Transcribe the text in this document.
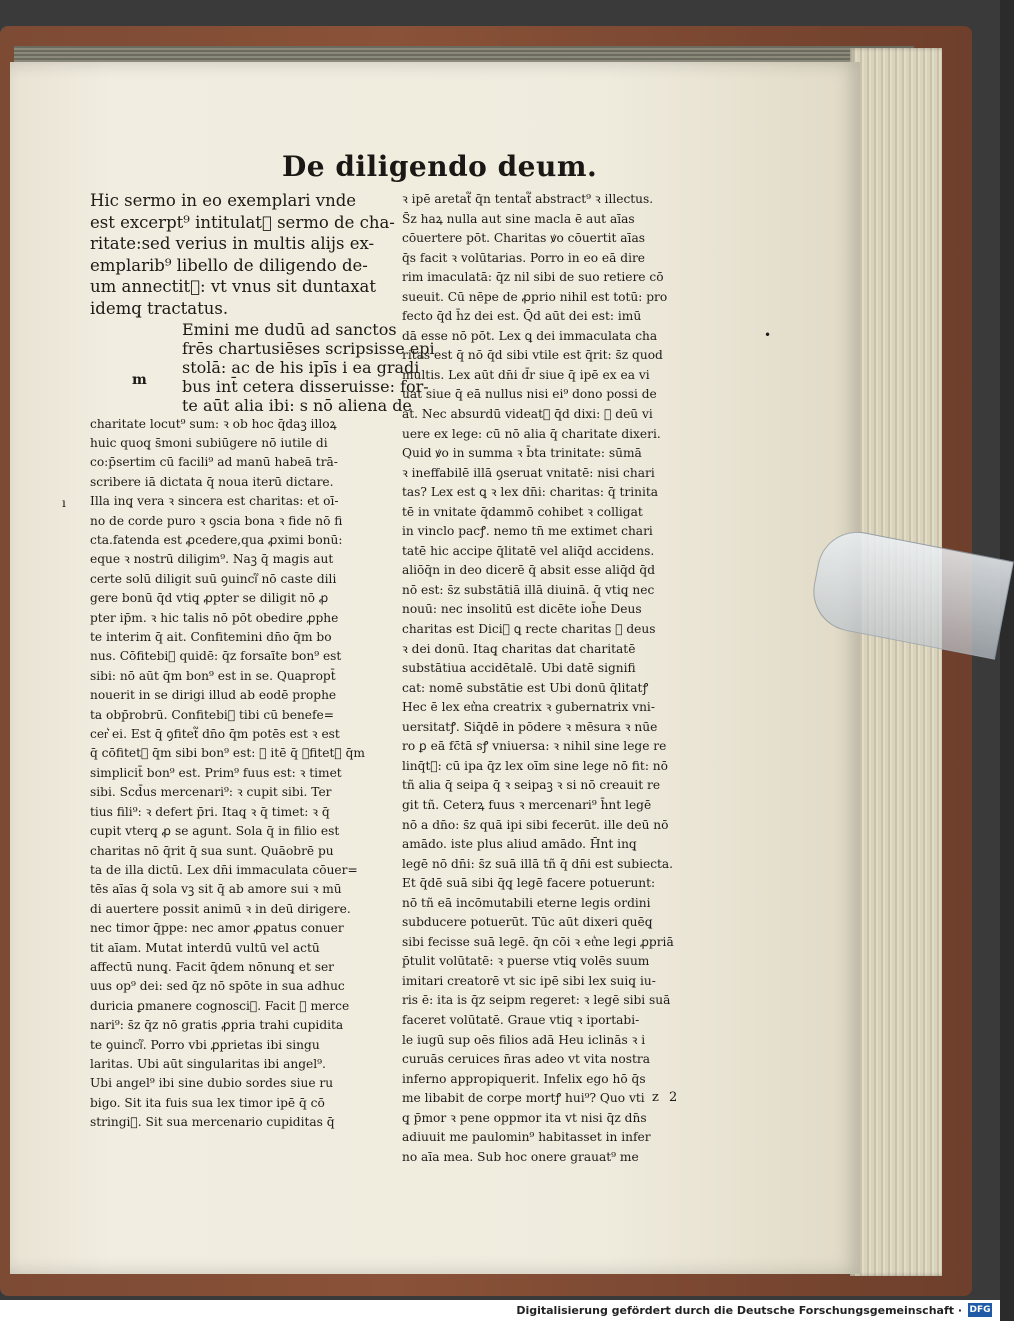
De diligendo deum.
Hic sermo in eo exemplari vnde
est excerpt⁹ intitulat᷑ sermo de cha-
ritate:sed verius in multis alijs ex-
emplarib⁹ libello de diligendo de-
um annectit᷑: vt vnus sit duntaxat
idemq̧ tractatus.
Emini me dudū ad sanctos
frēs chartusiēses scripsisse epi
stolā: ac de his ipīs i ea gradi
bus int̄ cetera disseruisse: for-
te aūt alia ibi: s nō aliena de
charitate locut⁹ sum: ꝛ ob hoc q̄daꝫ illoꝝ
huic quoq̧ s̄moni subiūgere nō iutile di
co:p̄sertim cū facili⁹ ad manū habeā trā-
scribere iā dictata q̄ noua iterū dictare.
Illa inq̧ vera ꝛ sincera est charitas: et oī-
no de corde puro ꝛ ꝯscia bona ꝛ fide nō fi
cta.fatenda est ꝓcedere,qua ꝓximi bonū:
eque ꝛ nostrū diligim⁹. Naꝫ q̄ magis aut
certe solū diligit suū ꝯuinci᷑ nō caste dili
gere bonū q̄d vtiq̧ ꝓpter se diligit nō ꝓ
pter ip̄m. ꝛ hic talis nō pōt obedire ꝓphe
te interim q̄ ait. Confitemini dn̄o q̄m bo
nus. Cōfitebi᷑ quidē: q̄z forsaīte bon⁹ est
sibi: nō aūt q̄m bon⁹ est in se. Quapropt̄
nouerit in se dirigi illud ab eodē prophe
ta obp̄robrū. Confitebi᷑ tibi cū benefe=
cer͛ ei. Est q̄ ꝯfitet᷑ dn̄o q̄m potēs est ꝛ est
q̄ cōfitet᷑ q̄m sibi bon⁹ est: ꝛ itē q̄ ꝯfitet᷑ q̄m
simplicit̄ bon⁹ est. Prim⁹ fuus est: ꝛ timet
sibi. Scd̄us mercenari⁹: ꝛ cupit sibi. Ter
tius fili⁹: ꝛ defert p̄ri. Itaq̧ ꝛ q̄ timet: ꝛ q̄
cupit vterq̧ ꝓ se agunt. Sola q̄ in filio est
charitas nō q̄rit q̄ sua sunt. Quāobrē pu
ta de illa dictū. Lex dn̄i immaculata cōuer=
tēs aīas q̄ sola vꝫ sit q̄ ab amore sui ꝛ mū
di auertere possit animū ꝛ in deū dirigere.
nec timor q̄ppe: nec amor ꝓpatus conuer
tit aīam. Mutat interdū vultū vel actū
affectū nunq̧. Facit q̄dem nōnunq̧ et ser
uus op⁹ dei: sed q̄z nō spōte in sua adhuc
duricia ꝑmanere cognosci᷑. Facit ꝛ merce
nari⁹: s̄z q̄z nō gratis ꝓpria trahi cupidita
te ꝯuinci᷑. Porro vbi ꝓprietas ibi singu
laritas. Ubi aūt singularitas ibi angel⁹.
Ubi angel⁹ ibi sine dubio sordes siue ru
bigo. Sit ita fuis sua lex timor ipē q̄ cō
stringi᷑. Sit sua mercenario cupiditas q̄
m
ı
•
ꝛ ipē aretat᷑ q̄n tentat᷑ abstract⁹ ꝛ illectus.
S̄z haꝝ nulla aut sine macla ē aut aīas
cōuertere pōt. Charitas ꝟo cōuertit aīas
q̄s facit ꝛ volūtarias. Porro in eo eā dire
rim imaculatā: q̄z nil sibi de suo retiere cō
sueuit. Cū nēpe de ꝓprio nihil est totū: pro
fecto q̄d h̄z dei est. Q̄d aūt dei est: imū
dā esse nō pōt. Lex ꝗ dei immaculata cha
ritas est q̄ nō q̄d sibi vtile est q̄rit: s̄z quod
multis. Lex aūt dn̄i d̄r siue q̄ ipē ex ea vi
uat siue q̄ eā nullus nisi ei⁹ dono possi de
at. Nec absurdū videat᷑ q̄d dixi: ꝛ deū vi
uere ex lege: cū nō alia q̄ charitate dixeri.
Quid ꝟo in summa ꝛ b̄ta trinitate: sūmā
ꝛ ineffabilē illā ꝯseruat vnitatē: nisi chari
tas? Lex est ꝗ ꝛ lex dn̄i: charitas: q̄ trinita
tē in vnitate q̄dammō cohibet ꝛ colligat
in vinclo pacꝭ. nemo tn̄ me extimet chari
tatē hic accipe q̄litatē vel aliq̄d accidens.
aliōq̄n in deo dicerē q̄ absit esse aliq̄d q̄d
nō est: s̄z substātiā illā diuinā. q̄ vtiq̧ nec
nouū: nec insolitū est dicēte ioh̄e Deus
charitas est Dici᷑ ꝗ recte charitas ꝛ deus
ꝛ dei donū. Itaq̧ charitas dat charitatē
substātiua accidētalē. Ubi datē signifi
cat: nomē substātie est Ubi donū q̄litatꝭ
Hec ē lex et͛na creatrix ꝛ gubernatrix vni-
uersitatꝭ. Siq̄dē in pōdere ꝛ mēsura ꝛ nūe
ro ꝑ eā fc̄tā sꝭ vniuersa: ꝛ nihil sine lege re
linq̄t᷑: cū ipa q̄z lex oīm sine lege nō fit: nō
tñ alia q̄ seipa q̄ ꝛ seipaꝫ ꝛ si nō creauit re
git tñ. Ceterꝝ fuus ꝛ mercenari⁹ h̄nt legē
nō a dn̄o: s̄z quā ipi sibi fecerūt. ille deū nō
amādo. iste plus aliud amādo. H̄nt inq̧
legē nō dn̄i: s̄z suā illā tñ q̄ dn̄i est subiecta.
Et q̄dē suā sibi q̄q̧ legē facere potuerunt:
nō tñ eā incōmutabili eterne legis ordini
subducere potuerūt. Tūc aūt dixeri quēq̧
sibi fecisse suā legē. q̄n cōi ꝛ et͛ne legi ꝓpriā
p̄tulit volūtatē: ꝛ puerse vtiq̧ volēs suum
imitari creatorē vt sic ipē sibi lex suiq̧ iu-
ris ē: ita is q̄z seipm regeret: ꝛ legē sibi suā
faceret volūtatē. Graue vtiq̧ ꝛ iportabi-
le iugū sup oēs filios adā Heu iclinās ꝛ i
curuās ceruices n̄ras adeo vt vita nostra
inferno appropiquerit. Infelix ego hō q̄s
me libabit de corpe mortꝭ hui⁹? Quo vti
q̧ p̄mor ꝛ pene oppmor ita vt nisi q̄z dn̄s
adiuuit me paulomin⁹ habitasset in infer
no aīa mea. Sub hoc onere grauat⁹ me
z 2
Digitalisierung gefördert durch die Deutsche Forschungsgemeinschaft · DFG
